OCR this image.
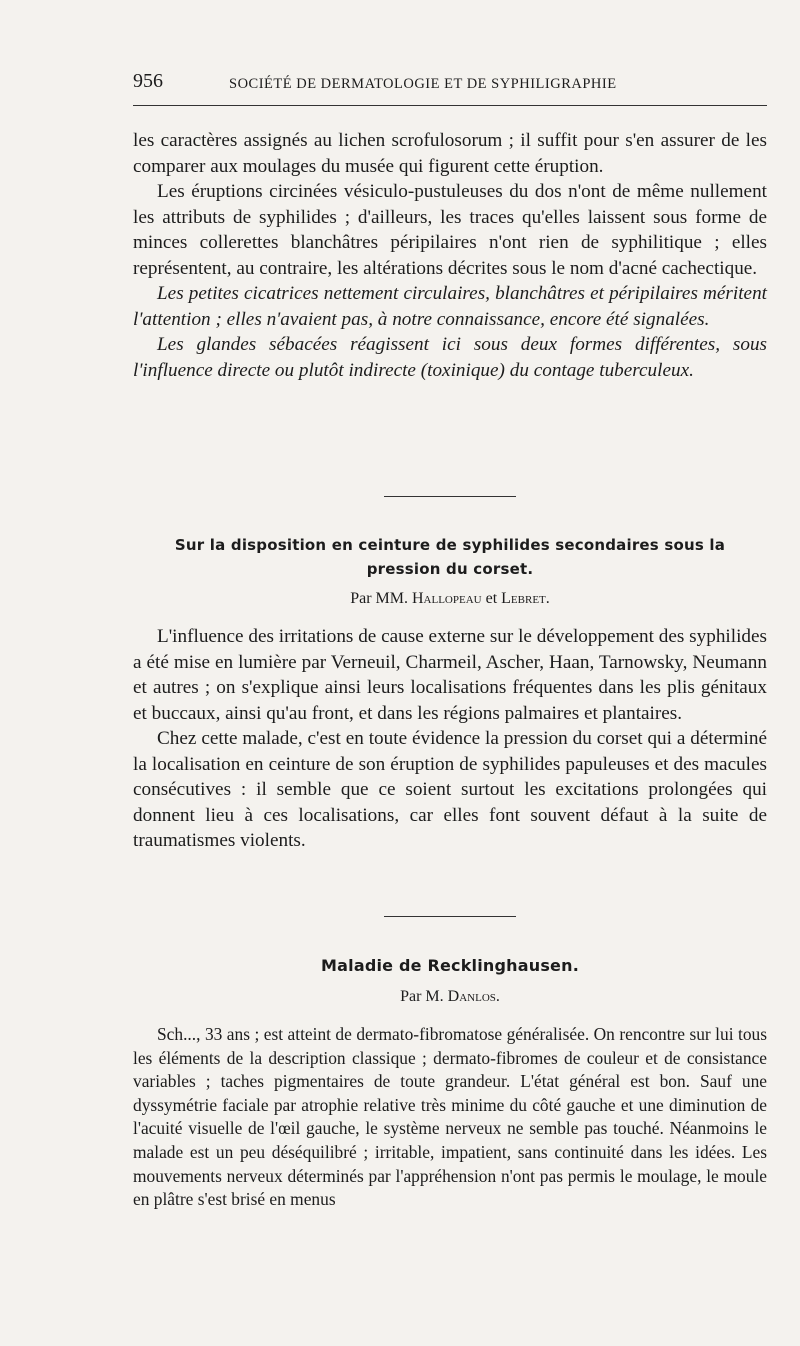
956	SOCIÉTÉ DE DERMATOLOGIE ET DE SYPHILIGRAPHIE

les caractères assignés au lichen scrofulosorum ; il suffit pour s'en assurer de les comparer aux moulages du musée qui figurent cette éruption.

Les éruptions circinées vésiculo-pustuleuses du dos n'ont de même nullement les attributs de syphilides ; d'ailleurs, les traces qu'elles laissent sous forme de minces collerettes blanchâtres péripilaires n'ont rien de syphilitique ; elles représentent, au contraire, les altérations décrites sous le nom d'acné cachectique.

Les petites cicatrices nettement circulaires, blanchâtres et péripilaires méritent l'attention ; elles n'avaient pas, à notre connaissance, encore été signalées.

Les glandes sébacées réagissent ici sous deux formes différentes, sous l'influence directe ou plutôt indirecte (toxinique) du contage tuberculeux.

Sur la disposition en ceinture de syphilides secondaires sous la
pression du corset.
Par MM. Hallopeau et Lebret.

L'influence des irritations de cause externe sur le développement des syphilides a été mise en lumière par Verneuil, Charmeil, Ascher, Haan, Tarnowsky, Neumann et autres ; on s'explique ainsi leurs localisations fréquentes dans les plis génitaux et buccaux, ainsi qu'au front, et dans les régions palmaires et plantaires.

Chez cette malade, c'est en toute évidence la pression du corset qui a déterminé la localisation en ceinture de son éruption de syphilides papuleuses et des macules consécutives : il semble que ce soient surtout les excitations prolongées qui donnent lieu à ces localisations, car elles font souvent défaut à la suite de traumatismes violents.

Maladie de Recklinghausen.
Par M. Danlos.

Sch..., 33 ans ; est atteint de dermato-fibromatose généralisée. On rencontre sur lui tous les éléments de la description classique ; dermato-fibromes de couleur et de consistance variables ; taches pigmentaires de toute grandeur. L'état général est bon. Sauf une dyssymétrie faciale par atrophie relative très minime du côté gauche et une diminution de l'acuité visuelle de l'œil gauche, le système nerveux ne semble pas touché. Néanmoins le malade est un peu déséquilibré ; irritable, impatient, sans continuité dans les idées. Les mouvements nerveux déterminés par l'appréhension n'ont pas permis le moulage, le moule en plâtre s'est brisé en menus
